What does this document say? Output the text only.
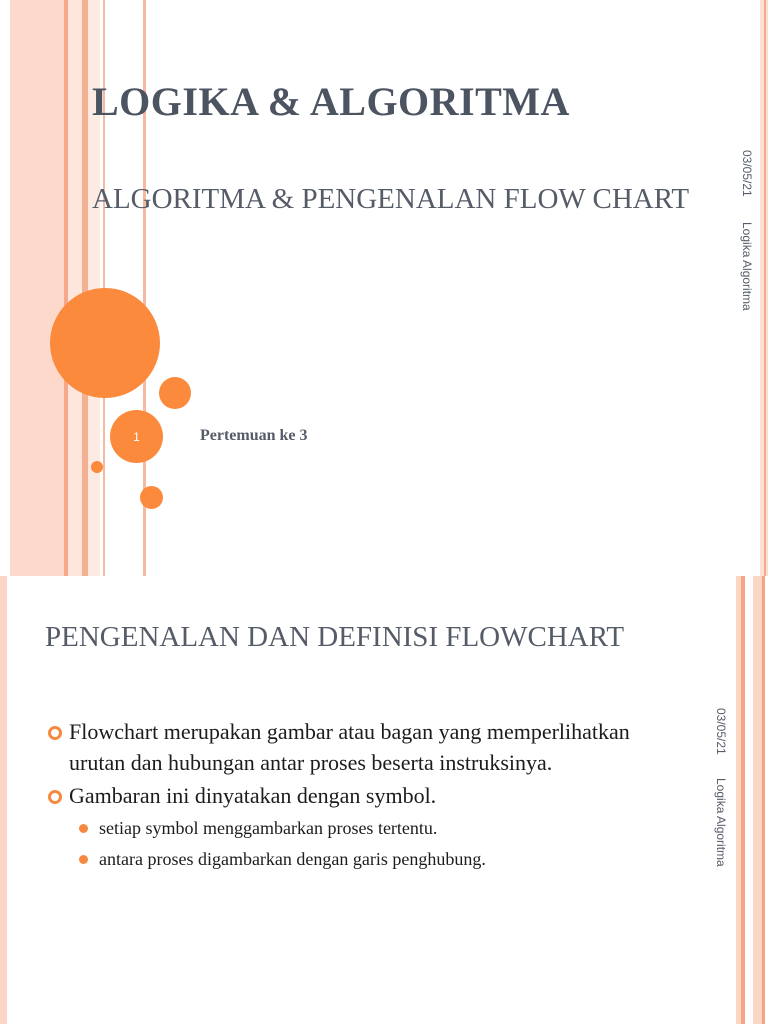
1
LOGIKA & ALGORITMA
ALGORITMA & PENGENALAN FLOW CHART
Pertemuan ke 3
03/05/21
Logika Algoritma
PENGENALAN DAN DEFINISI FLOWCHART
03/05/21
Logika Algoritma
Flowchart merupakan gambar atau bagan yang memperlihatkan urutan dan hubungan antar proses beserta instruksinya.
Gambaran ini dinyatakan dengan symbol.
setiap symbol menggambarkan proses tertentu.
antara proses digambarkan dengan garis penghubung.
